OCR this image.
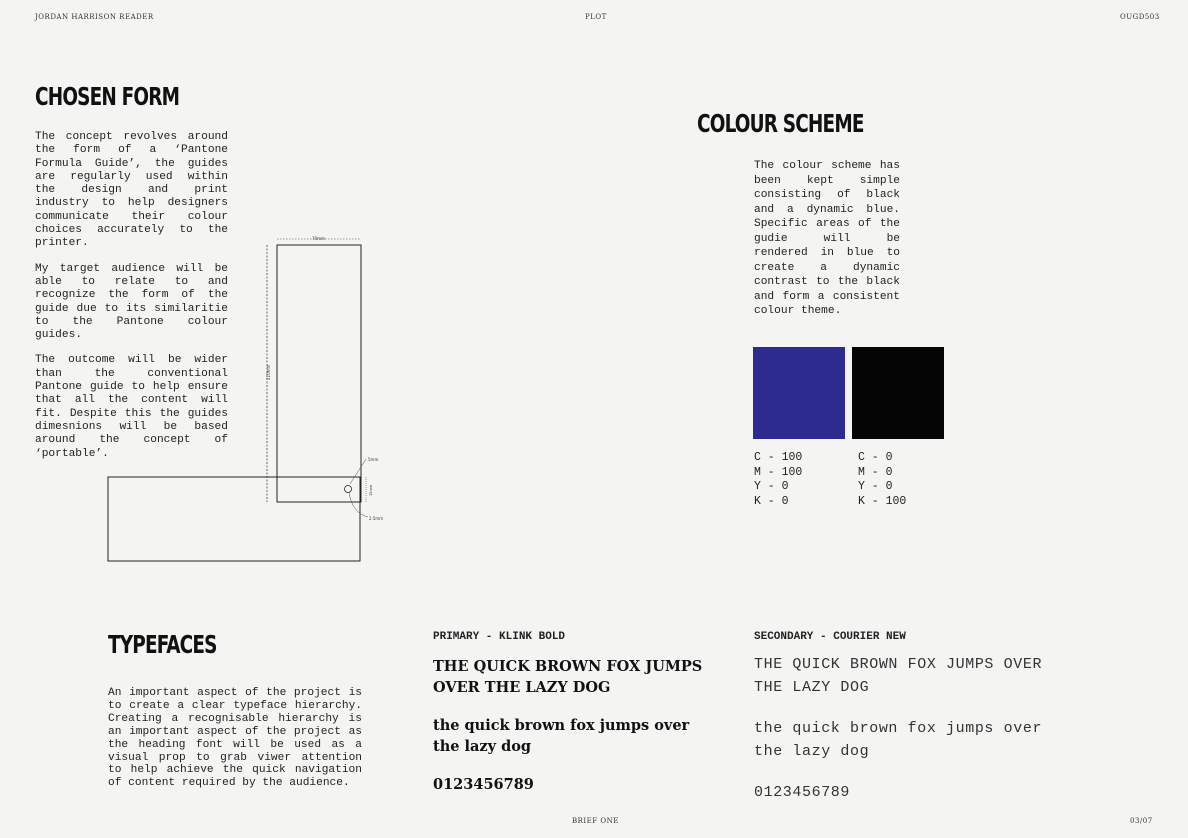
JORDAN HARRISON READER	PLOT	OUGD503
CHOSEN FORM

The concept revolves around the form of a ‘Pantone Formula Guide’, the guides are regularly used within the design and print industry to help designers communicate their colour choices accurately to the printer.

My target audience will be able to relate to and recognize the form of the guide due to its similaritie to the Pantone colour guides.

The outcome will be wider than the conventional Pantone guide to help ensure that all the content will fit. Despite this the guides dimesnions will be based around the concept of ‘portable’.

70mm
210mm
5mm
15mm
2.5mm
COLOUR SCHEME
The colour scheme has been kept simple consisting of black and a dynamic blue. Specific areas of the gudie will be rendered in blue to create a dynamic contrast to the black and form a consistent colour theme.
C - 100
M - 100
Y - 0
K - 0
C - 0
M - 0
Y - 0
K - 100
TYPEFACES
An important aspect of the project is to create a clear typeface hierarchy. Creating a recognisable hierarchy is an important aspect of the project as the heading font will be used as a visual prop to grab viwer attention to help achieve the quick navigation of content required by the audience.
PRIMARY - KLINK BOLD
THE QUICK BROWN FOX JUMPS OVER THE LAZY DOG
the quick brown fox jumps over the lazy dog
0123456789
SECONDARY - COURIER NEW
THE QUICK BROWN FOX JUMPS OVER THE LAZY DOG
the quick brown fox jumps over the lazy dog
0123456789
BRIEF ONE	03/07
